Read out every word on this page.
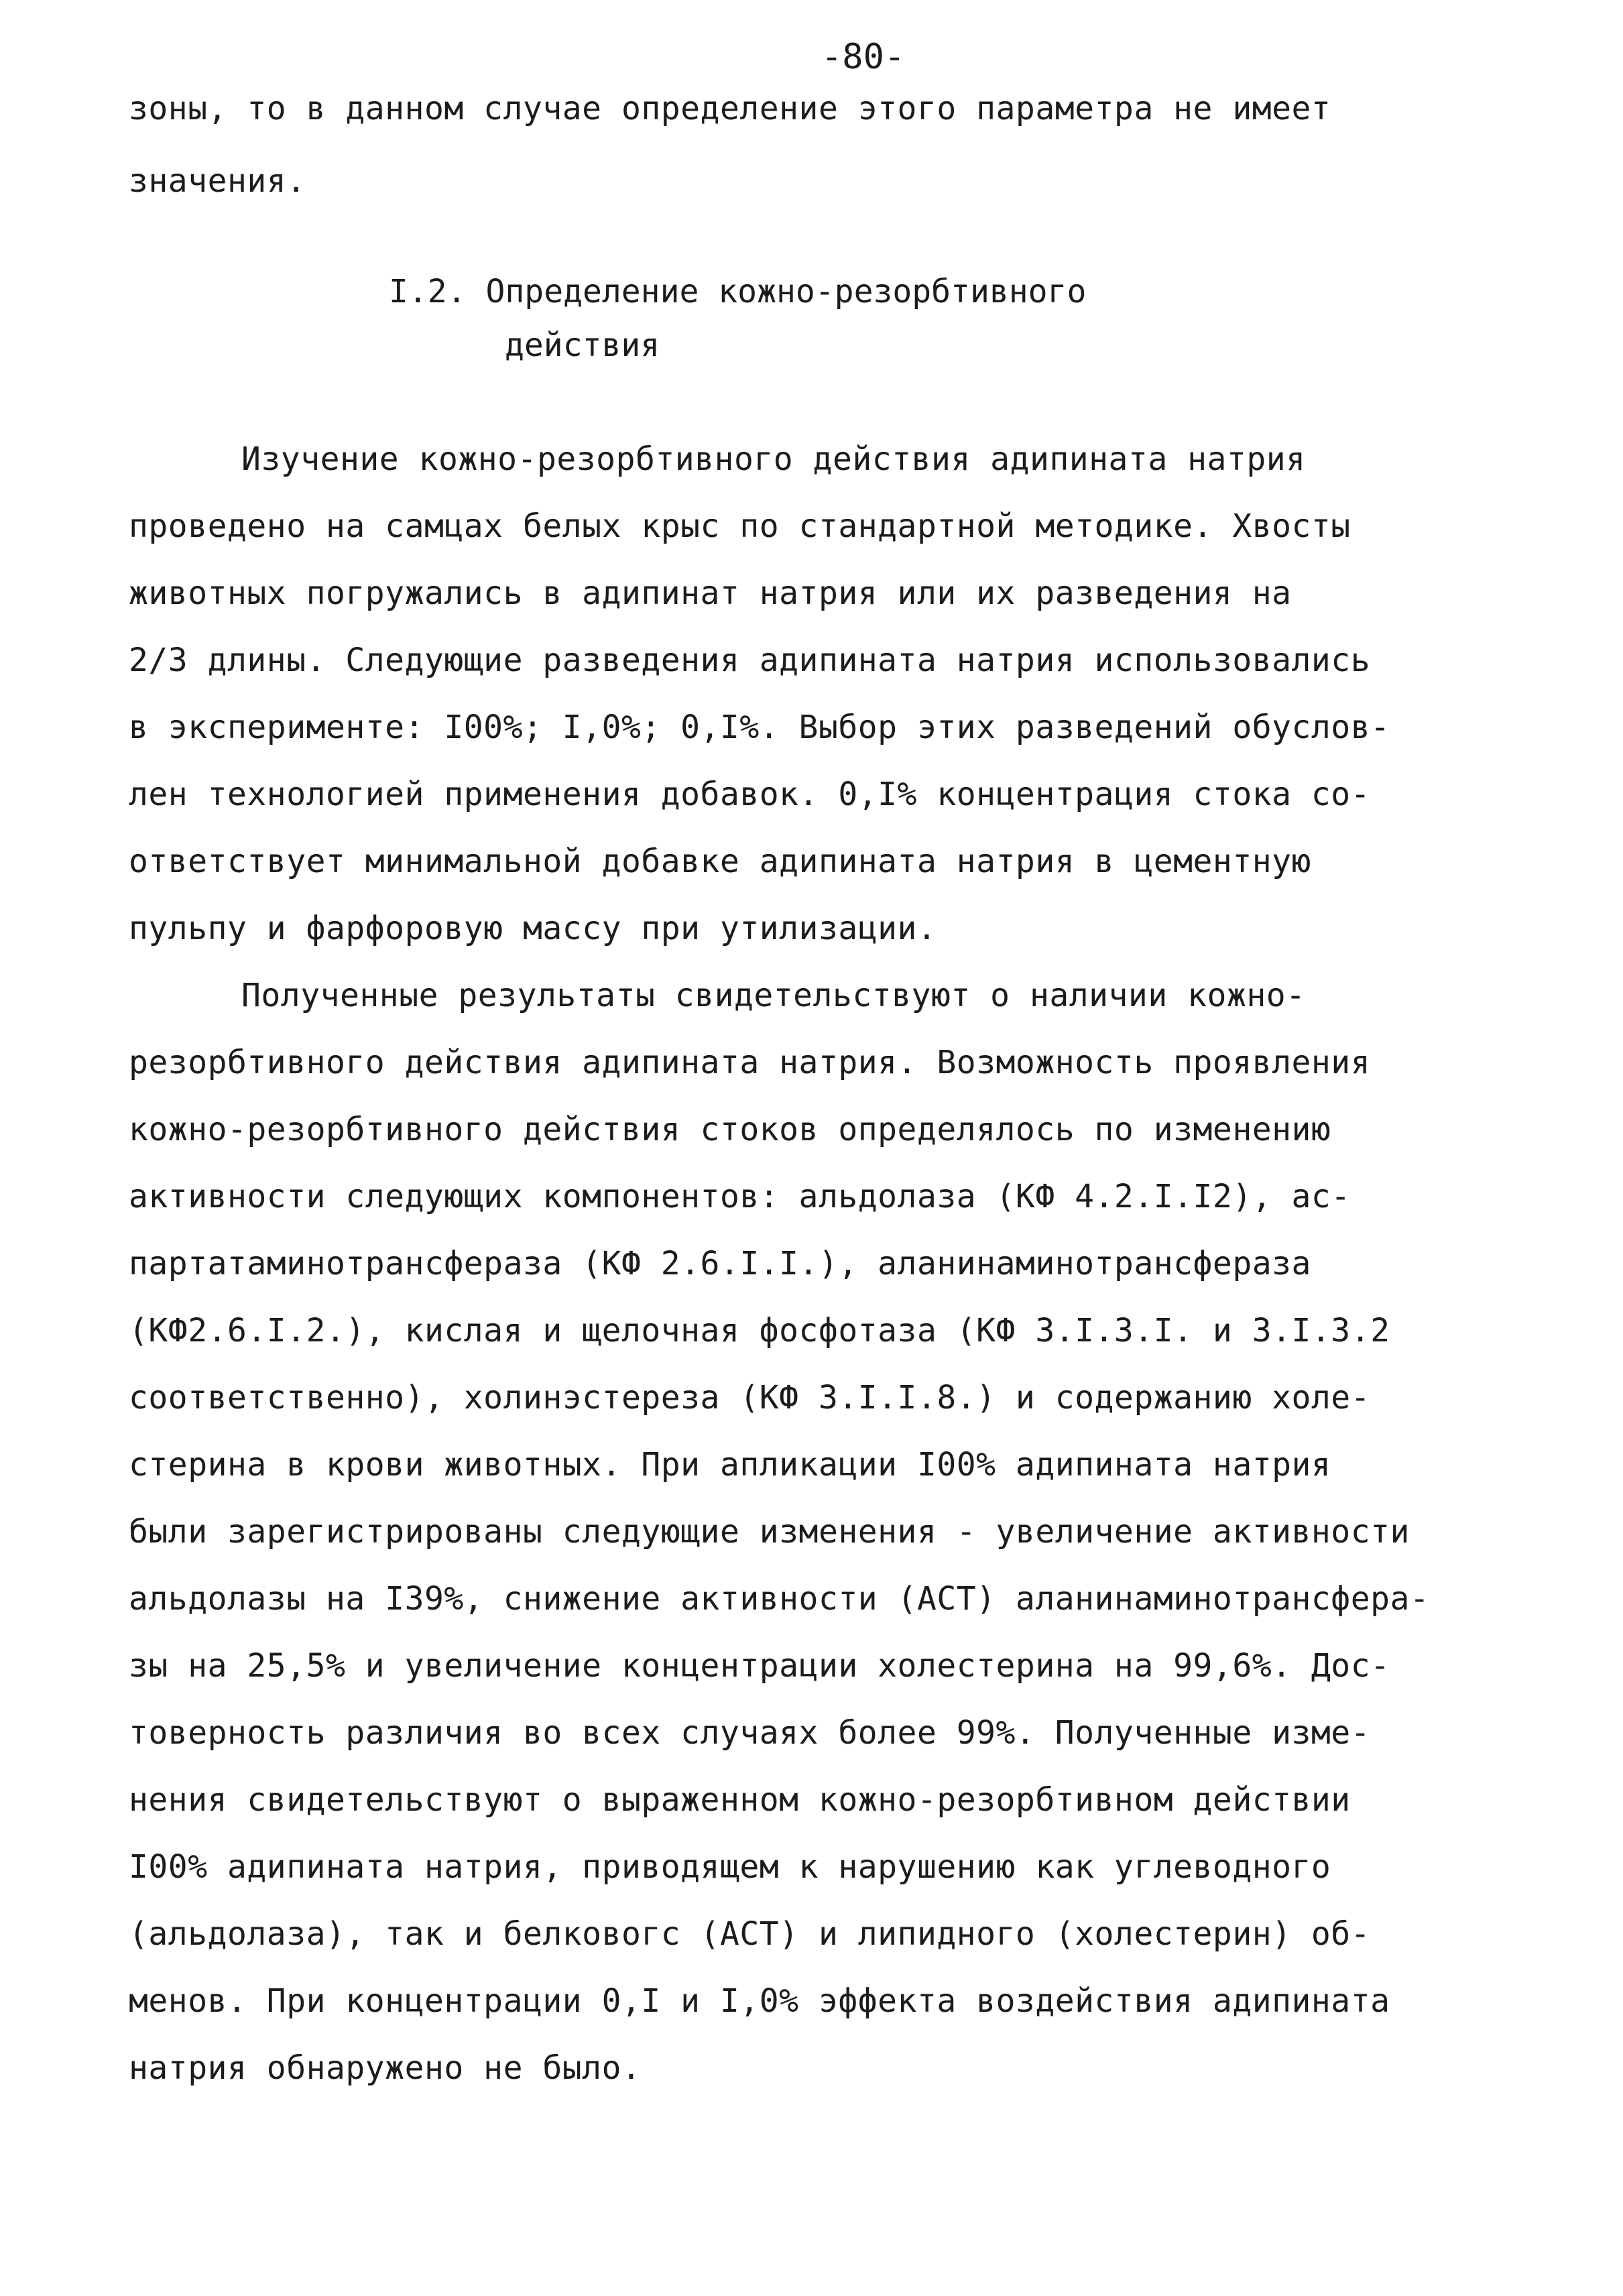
-80-
зоны, то в данном случае определение этого параметра не имеет
значения.
I.2. Определение кожно-резорбтивного
действия
Изучение кожно-резорбтивного действия адипината натрия
проведено на самцах белых крыс по стандартной методике. Хвосты
животных погружались в адипинат натрия или их разведения на
2/3 длины. Следующие разведения адипината натрия использовались
в эксперименте: I00%; I,0%; 0,I%. Выбор этих разведений обуслов-
лен технологией применения добавок. 0,I% концентрация стока со-
ответствует минимальной добавке адипината натрия в цементную
пульпу и фарфоровую массу при утилизации.
Полученные результаты свидетельствуют о наличии кожно-
резорбтивного действия адипината натрия. Возможность проявления
кожно-резорбтивного действия стоков определялось по изменению
активности следующих компонентов: альдолаза (КФ 4.2.I.I2), ас-
партатаминотрансфераза (КФ 2.6.I.I.), аланинаминотрансфераза
(КФ2.6.I.2.), кислая и щелочная фосфотаза (КФ 3.I.3.I. и 3.I.3.2
соответственно), холинэстереза (КФ 3.I.I.8.) и содержанию холе-
стерина в крови животных. При апликации I00% адипината натрия
были зарегистрированы следующие изменения - увеличение активности
альдолазы на I39%, снижение активности (АСТ) аланинаминотрансфера-
зы на 25,5% и увеличение концентрации холестерина на 99,6%. Дос-
товерность различия во всех случаях более 99%. Полученные изме-
нения свидетельствуют о выраженном кожно-резорбтивном действии
I00% адипината натрия, приводящем к нарушению как углеводного
(альдолаза), так и белковогс (АСТ) и липидного (холестерин) об-
менов. При концентрации 0,I и I,0% эффекта воздействия адипината
натрия обнаружено не было.
